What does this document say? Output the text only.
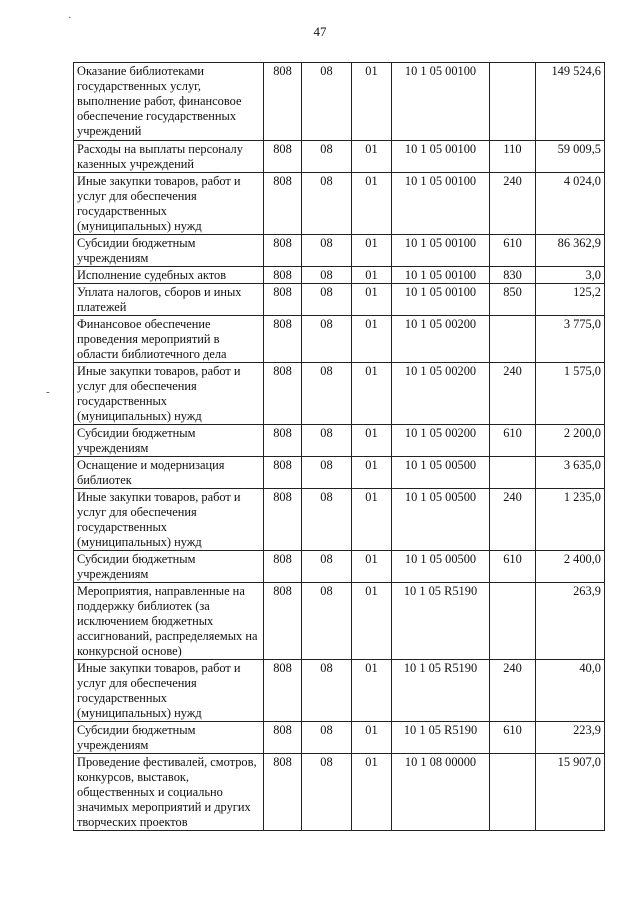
47
·
-
Оказание библиотеками государственных услуг, выполнение работ, финансовое обеспечение государственных учреждений	808	08	01	10 1 05 00100		149 524,6
Расходы на выплаты персоналу казенных учреждений	808	08	01	10 1 05 00100	110	59 009,5
Иные закупки товаров, работ и услуг для обеспечения государственных (муниципальных) нужд	808	08	01	10 1 05 00100	240	4 024,0
Субсидии бюджетным учреждениям	808	08	01	10 1 05 00100	610	86 362,9
Исполнение судебных актов	808	08	01	10 1 05 00100	830	3,0
Уплата налогов, сборов и иных платежей	808	08	01	10 1 05 00100	850	125,2
Финансовое обеспечение проведения мероприятий в области библиотечного дела	808	08	01	10 1 05 00200		3 775,0
Иные закупки товаров, работ и услуг для обеспечения государственных (муниципальных) нужд	808	08	01	10 1 05 00200	240	1 575,0
Субсидии бюджетным учреждениям	808	08	01	10 1 05 00200	610	2 200,0
Оснащение и модернизация библиотек	808	08	01	10 1 05 00500		3 635,0
Иные закупки товаров, работ и услуг для обеспечения государственных (муниципальных) нужд	808	08	01	10 1 05 00500	240	1 235,0
Субсидии бюджетным учреждениям	808	08	01	10 1 05 00500	610	2 400,0
Мероприятия, направленные на поддержку библиотек (за исключением бюджетных ассигнований, распределяемых на конкурсной основе)	808	08	01	10 1 05 R5190		263,9
Иные закупки товаров, работ и услуг для обеспечения государственных (муниципальных) нужд	808	08	01	10 1 05 R5190	240	40,0
Субсидии бюджетным учреждениям	808	08	01	10 1 05 R5190	610	223,9
Проведение фестивалей, смотров, конкурсов, выставок, общественных и социально значимых мероприятий и других творческих проектов	808	08	01	10 1 08 00000		15 907,0
